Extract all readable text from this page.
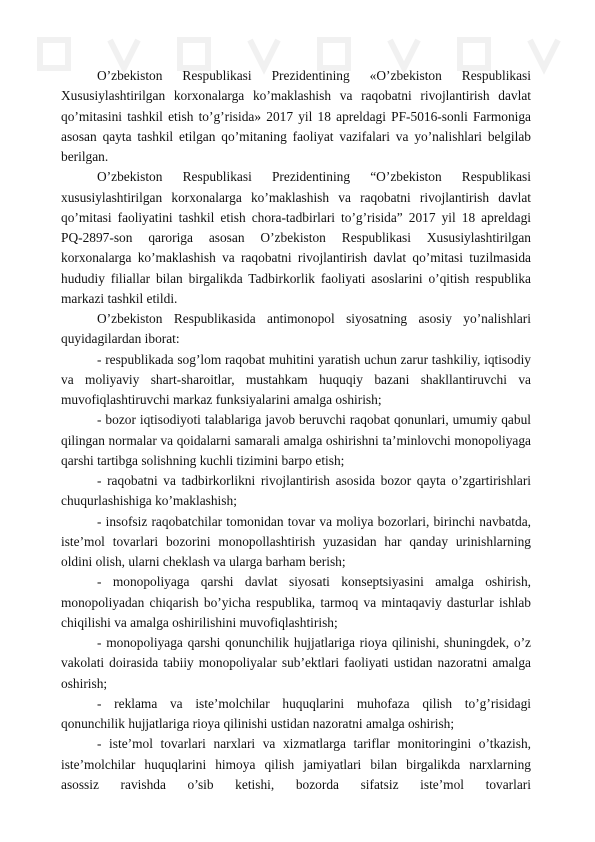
O’zbekiston Respublikasi Prezidentining «O’zbekiston Respublikasi Xususiylashtirilgan korxonalarga ko’maklashish va raqobatni rivojlantirish davlat qo’mitasini tashkil etish to’g’risida» 2017 yil 18 apreldagi PF-5016-sonli Farmoniga asosan qayta tashkil etilgan qo’mitaning faoliyat vazifalari va yo’nalishlari belgilab berilgan.

O’zbekiston Respublikasi Prezidentining “O’zbekiston Respublikasi xususiylashtirilgan korxonalarga ko’maklashish va raqobatni rivojlantirish davlat qo’mitasi faoliyatini tashkil etish chora-tadbirlari to’g’risida” 2017 yil 18 apreldagi PQ-2897-son qaroriga asosan O’zbekiston Respublikasi Xususiylashtirilgan korxonalarga ko’maklashish va raqobatni rivojlantirish davlat qo’mitasi tuzilmasida hududiy filiallar bilan birgalikda Tadbirkorlik faoliyati asoslarini o’qitish respublika markazi tashkil etildi.

O’zbekiston Respublikasida antimonopol siyosatning asosiy yo’nalishlari quyidagilardan iborat:

- respublikada sog’lom raqobat muhitini yaratish uchun zarur tashkiliy, iqtisodiy va moliyaviy shart-sharoitlar, mustahkam huquqiy bazani shakllantiruvchi va muvofiqlashtiruvchi markaz funksiyalarini amalga oshirish;

- bozor iqtisodiyoti talablariga javob beruvchi raqobat qonunlari, umumiy qabul qilingan normalar va qoidalarni samarali amalga oshirishni ta’minlovchi monopoliyaga qarshi tartibga solishning kuchli tizimini barpo etish;

- raqobatni va tadbirkorlikni rivojlantirish asosida bozor qayta o’zgartirishlari chuqurlashishiga ko’maklashish;

- insofsiz raqobatchilar tomonidan tovar va moliya bozorlari, birinchi navbatda, iste’mol tovarlari bozorini monopollashtirish yuzasidan har qanday urinishlarning oldini olish, ularni cheklash va ularga barham berish;

- monopoliyaga qarshi davlat siyosati konseptsiyasini amalga oshirish, monopoliyadan chiqarish bo’yicha respublika, tarmoq va mintaqaviy dasturlar ishlab chiqilishi va amalga oshirilishini muvofiqlashtirish;

- monopoliyaga qarshi qonunchilik hujjatlariga rioya qilinishi, shuningdek, o’z vakolati doirasida tabiiy monopoliyalar sub’ektlari faoliyati ustidan nazoratni amalga oshirish;

- reklama va iste’molchilar huquqlarini muhofaza qilish to’g’risidagi qonunchilik hujjatlariga rioya qilinishi ustidan nazoratni amalga oshirish;

- iste’mol tovarlari narxlari va xizmatlarga tariflar monitoringini o’tkazish, iste’molchilar huquqlarini himoya qilish jamiyatlari bilan birgalikda narxlarning asossiz ravishda o’sib ketishi, bozorda sifatsiz iste’mol tovarlari
